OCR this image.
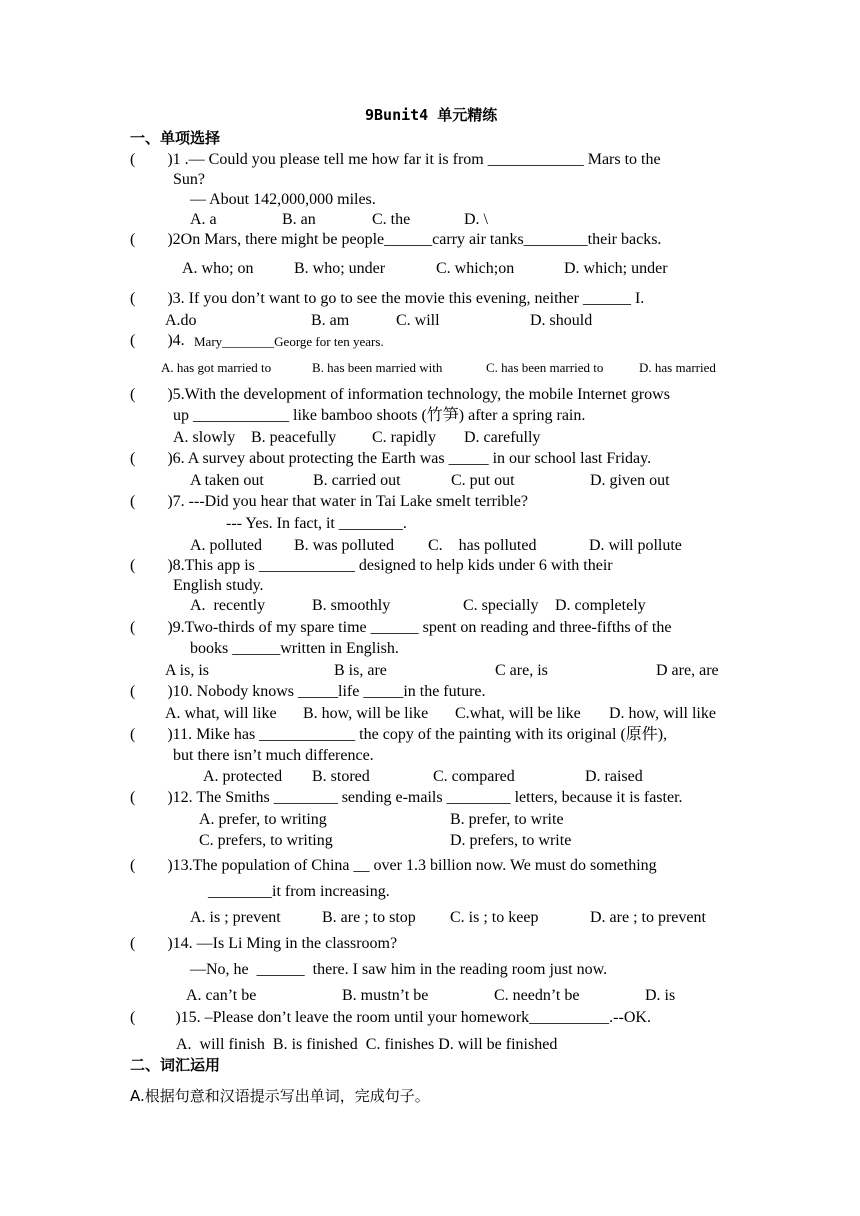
9Bunit4 单元精练
一、单项选择
(        )1 .— Could you please tell me how far it is from ____________ Mars to the
Sun?
— About 142,000,000 miles.
A. a	B. an	C. the	D. \
(        )2On Mars, there might be people______carry air tanks________their backs.
A. who; on	B. who; under	C. which;on	D. which; under
(        )3. If you don’t want to go to see the movie this evening, neither ______ I.
A.do	B. am	C. will	D. should
(        )4. Mary________George for ten years.
A. has got married to	B. has been married with	C. has been married to	D. has married
(        )5.With the development of information technology, the mobile Internet grows
up ____________ like bamboo shoots (竹笋) after a spring rain.
A. slowly B. peacefully C. rapidly D. carefully
(        )6. A survey about protecting the Earth was _____ in our school last Friday.
A taken out	B. carried out	C. put out	D. given out
(        )7. ---Did you hear that water in Tai Lake smelt terrible?
--- Yes. In fact, it ________.
A. polluted B. was polluted C.    has polluted	D. will pollute
(        )8.This app is ____________ designed to help kids under 6 with their
English study.
A.  recently	B. smoothly	C. specially D. completely
(        )9.Two-thirds of my spare time ______ spent on reading and three-fifths of the
books ______written in English.
A is, is	B is, are	C are, is	D are, are
(        )10. Nobody knows _____life _____in the future.
A. what, will like B. how, will be like C.what, will be like D. how, will like
(        )11. Mike has ____________ the copy of the painting with its original (原件),
but there isn’t much difference.
A. protected B. stored	C. compared	D. raised
(        )12. The Smiths ________ sending e-mails ________ letters, because it is faster.
A. prefer, to writing	B. prefer, to write
C. prefers, to writing	D. prefers, to write
(        )13.The population of China __ over 1.3 billion now. We must do something
________it from increasing.
A. is ; prevent	B. are ; to stop C. is ; to keep	D. are ; to prevent
(        )14. —Is Li Ming in the classroom?
—No, he  ______  there. I saw him in the reading room just now.
A. can’t be	B. mustn’t be	C. needn’t be	D. is
(          )15. –Please don’t leave the room until your homework__________.--OK.
A.  will finish  B. is finished  C. finishes D. will be finished
二、词汇运用
A.根据句意和汉语提示写出单词，完成句子。
